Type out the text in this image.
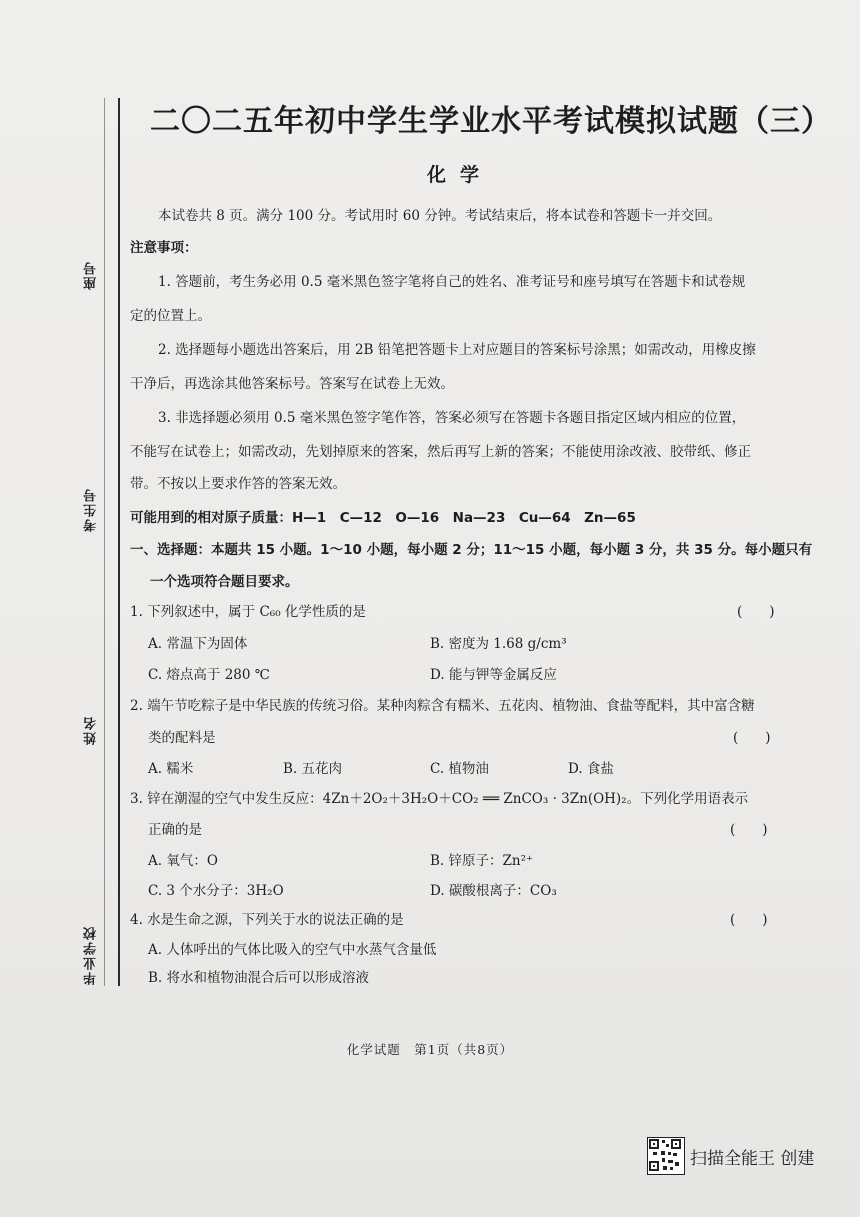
座号
考生号
姓名
毕业学校
二〇二五年初中学生学业水平考试模拟试题（三）
化学
本试卷共 8 页。满分 100 分。考试用时 60 分钟。考试结束后，将本试卷和答题卡一并交回。
注意事项：
1. 答题前，考生务必用 0.5 毫米黑色签字笔将自己的姓名、准考证号和座号填写在答题卡和试卷规
定的位置上。
2. 选择题每小题选出答案后，用 2B 铅笔把答题卡上对应题目的答案标号涂黑；如需改动，用橡皮擦
干净后，再选涂其他答案标号。答案写在试卷上无效。
3. 非选择题必须用 0.5 毫米黑色签字笔作答，答案必须写在答题卡各题目指定区域内相应的位置，
不能写在试卷上；如需改动，先划掉原来的答案，然后再写上新的答案；不能使用涂改液、胶带纸、修正
带。不按以上要求作答的答案无效。
可能用到的相对原子质量：H—1　C—12　O—16　Na—23　Cu—64　Zn—65
一、选择题：本题共 15 小题。1～10 小题，每小题 2 分；11～15 小题，每小题 3 分，共 35 分。每小题只有
一个选项符合题目要求。
1. 下列叙述中，属于 C₆₀ 化学性质的是	(　　)
A. 常温下为固体	B. 密度为 1.68 g/cm³
C. 熔点高于 280 ℃	D. 能与钾等金属反应
2. 端午节吃粽子是中华民族的传统习俗。某种肉粽含有糯米、五花肉、植物油、食盐等配料，其中富含糖
类的配料是	(　　)
A. 糯米	B. 五花肉	C. 植物油	D. 食盐
3. 锌在潮湿的空气中发生反应：4Zn＋2O₂＋3H₂O＋CO₂ ══ ZnCO₃ · 3Zn(OH)₂。下列化学用语表示
正确的是	(　　)
A. 氧气：O	B. 锌原子：Zn²⁺
C. 3 个水分子：3H₂O	D. 碳酸根离子：CO₃
4. 水是生命之源，下列关于水的说法正确的是	(　　)
A. 人体呼出的气体比吸入的空气中水蒸气含量低
B. 将水和植物油混合后可以形成溶液
化学试题　第1页（共8页）
扫描全能王 创建
